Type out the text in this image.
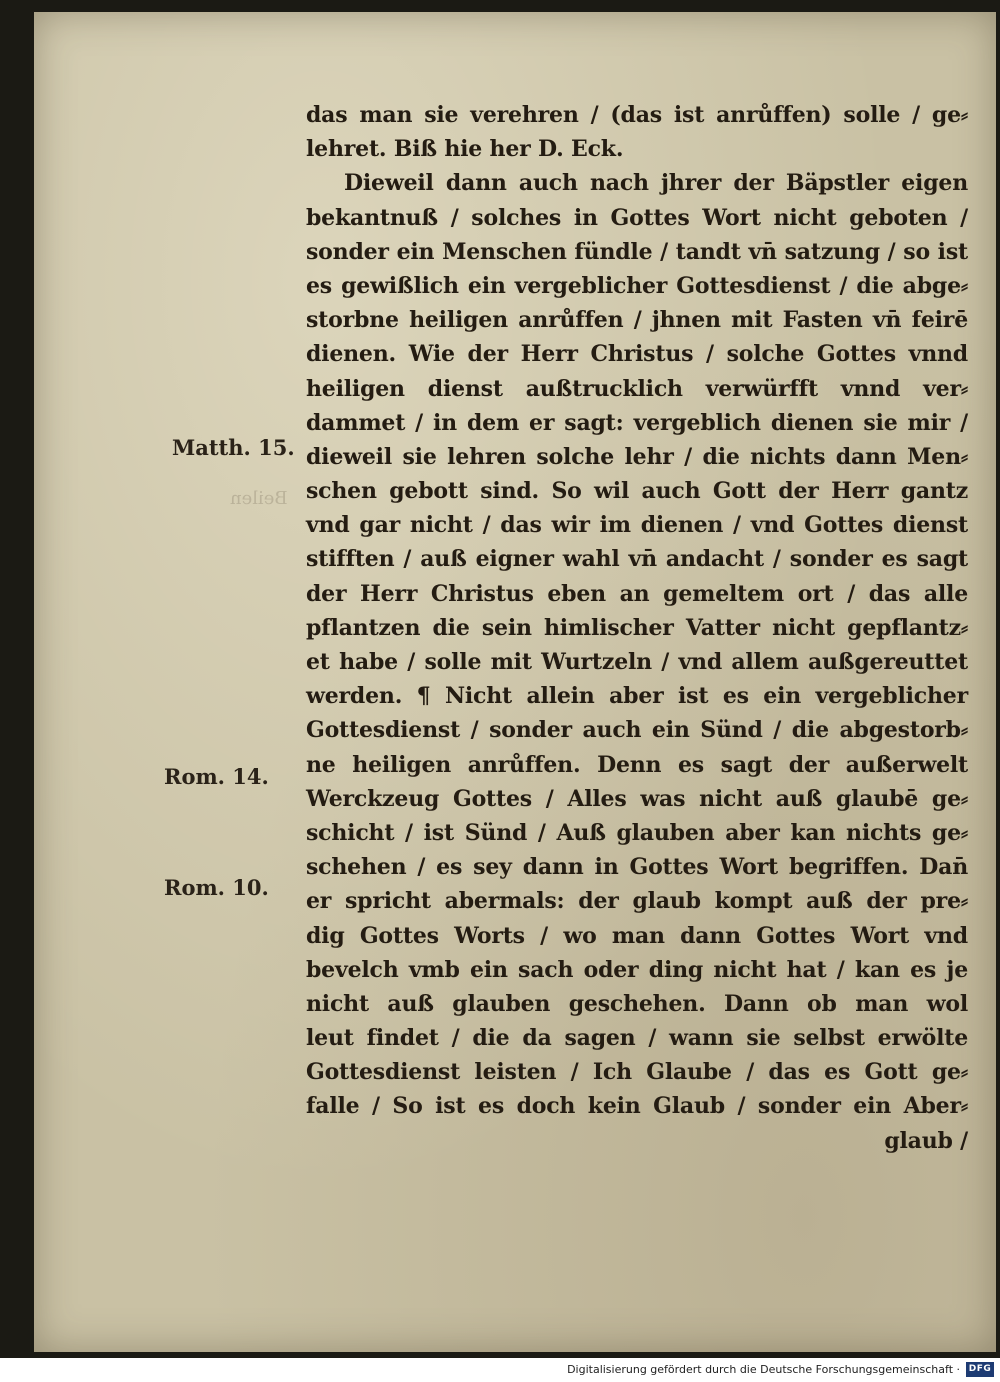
Beilen
das man sie verehren / (das ist anrůffen) solle / ge⸗
lehret. Biß hie her D. Eck.
Dieweil dann auch nach jhrer der Bäpstler eigen
bekantnuß / solches in Gottes Wort nicht geboten /
sonder ein Menschen fündle / tandt vn̄ satzung / so ist
es gewißlich ein vergeblicher Gottesdienst / die abge⸗
storbne heiligen anrůffen / jhnen mit Fasten vn̄ feirē
dienen. Wie der Herr Christus / solche Gottes vnnd
heiligen dienst außtrucklich verwürfft vnnd ver⸗
dammet / in dem er sagt: vergeblich dienen sie mir /
dieweil sie lehren solche lehr / die nichts dann Men⸗
schen gebott sind. So wil auch Gott der Herr gantz
vnd gar nicht / das wir im dienen / vnd Gottes dienst
stifften / auß eigner wahl vn̄ andacht / sonder es sagt
der Herr Christus eben an gemeltem ort / das alle
pflantzen die sein himlischer Vatter nicht gepflantz⸗
et habe / solle mit Wurtzeln / vnd allem außgereuttet
werden. ¶ Nicht allein aber ist es ein vergeblicher
Gottesdienst / sonder auch ein Sünd / die abgestorb⸗
ne heiligen anrůffen. Denn es sagt der außerwelt
Werckzeug Gottes / Alles was nicht auß glaubē ge⸗
schicht / ist Sünd / Auß glauben aber kan nichts ge⸗
schehen / es sey dann in Gottes Wort begriffen. Dan̄
er spricht abermals: der glaub kompt auß der pre⸗
dig Gottes Worts / wo man dann Gottes Wort vnd
bevelch vmb ein sach oder ding nicht hat / kan es je
nicht auß glauben geschehen. Dann ob man wol
leut findet / die da sagen / wann sie selbst erwölte
Gottesdienst leisten / Ich Glaube / das es Gott ge⸗
falle / So ist es doch kein Glaub / sonder ein Aber⸗
glaub /
Matth. 15.
Rom. 14.
Rom. 10.
Digitalisierung gefördert durch die Deutsche Forschungsgemeinschaft · DFG
